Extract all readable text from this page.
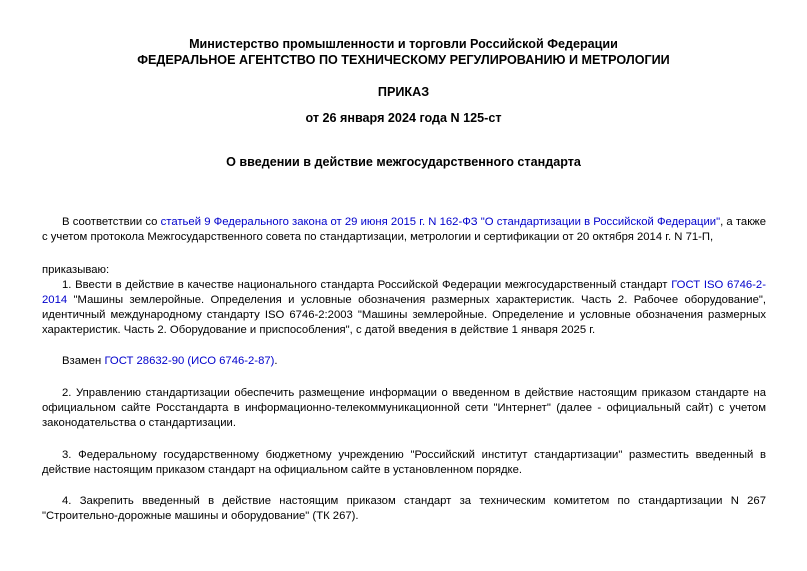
Министерство промышленности и торговли Российской Федерации
ФЕДЕРАЛЬНОЕ АГЕНТСТВО ПО ТЕХНИЧЕСКОМУ РЕГУЛИРОВАНИЮ И МЕТРОЛОГИИ
ПРИКАЗ
от 26 января 2024 года N 125-ст
О введении в действие межгосударственного стандарта
В соответствии со статьей 9 Федерального закона от 29 июня 2015 г. N 162-ФЗ "О стандартизации в Российской Федерации", а также с учетом протокола Межгосударственного совета по стандартизации, метрологии и сертификации от 20 октября 2014 г. N 71-П,
приказываю:
1. Ввести в действие в качестве национального стандарта Российской Федерации межгосударственный стандарт ГОСТ ISO 6746-2-2014 "Машины землеройные. Определения и условные обозначения размерных характеристик. Часть 2. Рабочее оборудование", идентичный международному стандарту ISO 6746-2:2003 "Машины землеройные. Определение и условные обозначения размерных характеристик. Часть 2. Оборудование и приспособления", с датой введения в действие 1 января 2025 г.
Взамен ГОСТ 28632-90 (ИСО 6746-2-87).
2. Управлению стандартизации обеспечить размещение информации о введенном в действие настоящим приказом стандарте на официальном сайте Росстандарта в информационно-телекоммуникационной сети "Интернет" (далее - официальный сайт) с учетом законодательства о стандартизации.
3. Федеральному государственному бюджетному учреждению "Российский институт стандартизации" разместить введенный в действие настоящим приказом стандарт на официальном сайте в установленном порядке.
4. Закрепить введенный в действие настоящим приказом стандарт за техническим комитетом по стандартизации N 267 "Строительно-дорожные машины и оборудование" (ТК 267).
